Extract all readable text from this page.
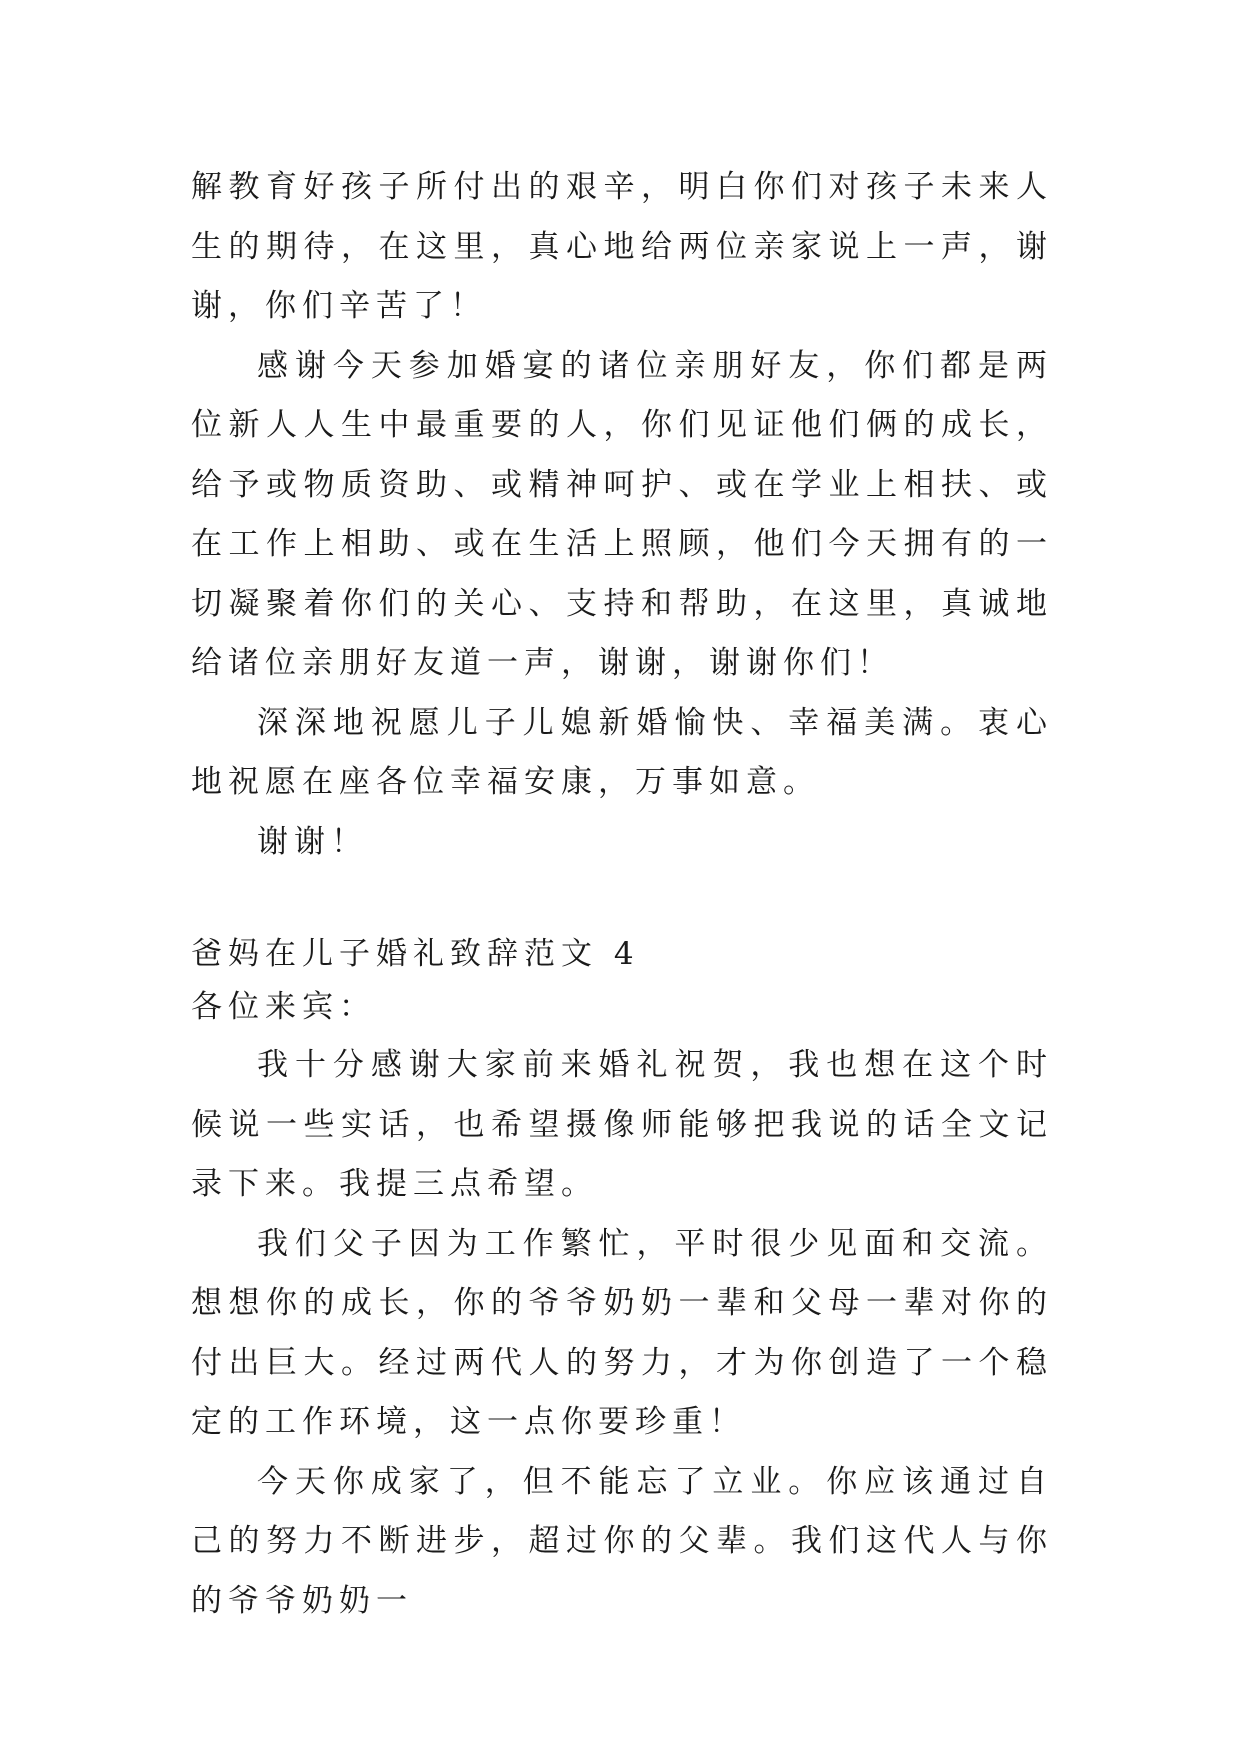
解教育好孩子所付出的艰辛，明白你们对孩子未来人生的期待，在这里，真心地给两位亲家说上一声，谢谢，你们辛苦了！

感谢今天参加婚宴的诸位亲朋好友，你们都是两位新人人生中最重要的人，你们见证他们俩的成长，给予或物质资助、或精神呵护、或在学业上相扶、或在工作上相助、或在生活上照顾，他们今天拥有的一切凝聚着你们的关心、支持和帮助，在这里，真诚地给诸位亲朋好友道一声，谢谢，谢谢你们！

深深地祝愿儿子儿媳新婚愉快、幸福美满。衷心地祝愿在座各位幸福安康，万事如意。

谢谢！

爸妈在儿子婚礼致辞范文 4

各位来宾：

我十分感谢大家前来婚礼祝贺，我也想在这个时候说一些实话，也希望摄像师能够把我说的话全文记录下来。我提三点希望。

我们父子因为工作繁忙，平时很少见面和交流。想想你的成长，你的爷爷奶奶一辈和父母一辈对你的付出巨大。经过两代人的努力，才为你创造了一个稳定的工作环境，这一点你要珍重！

今天你成家了，但不能忘了立业。你应该通过自己的努力不断进步，超过你的父辈。我们这代人与你的爷爷奶奶一
